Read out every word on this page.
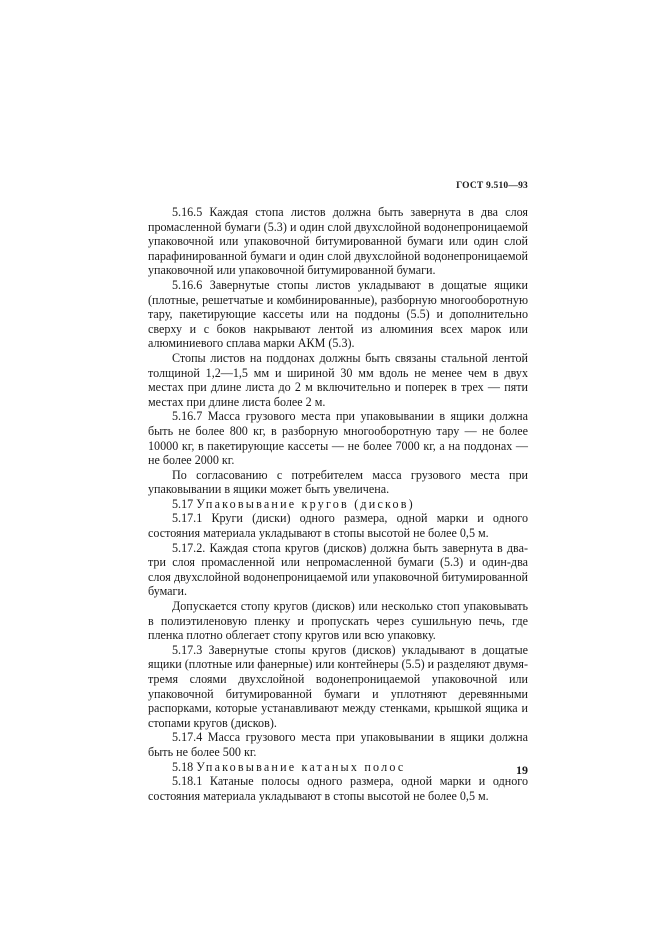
ГОСТ 9.510—93

5.16.5 Каждая стопа листов должна быть завернута в два слоя промасленной бумаги (5.3) и один слой двухслойной водонепроницаемой упаковочной или упаковочной битумированной бумаги или один слой парафинированной бумаги и один слой двухслойной водонепроницаемой упаковочной или упаковочной битумированной бумаги.

5.16.6 Завернутые стопы листов укладывают в дощатые ящики (плотные, решетчатые и комбинированные), разборную многооборотную тару, пакетирующие кассеты или на поддоны (5.5) и дополнительно сверху и с боков накрывают лентой из алюминия всех марок или алюминиевого сплава марки АКМ (5.3).

Стопы листов на поддонах должны быть связаны стальной лентой толщиной 1,2—1,5 мм и шириной 30 мм вдоль не менее чем в двух местах при длине листа до 2 м включительно и поперек в трех — пяти местах при длине листа более 2 м.

5.16.7 Масса грузового места при упаковывании в ящики должна быть не более 800 кг, в разборную многооборотную тару — не более 10000 кг, в пакетирующие кассеты — не более 7000 кг, а на поддонах — не более 2000 кг.

По согласованию с потребителем масса грузового места при упаковывании в ящики может быть увеличена.

5.17 Упаковывание кругов (дисков)

5.17.1 Круги (диски) одного размера, одной марки и одного состояния материала укладывают в стопы высотой не более 0,5 м.

5.17.2. Каждая стопа кругов (дисков) должна быть завернута в два-три слоя промасленной или непромасленной бумаги (5.3) и один-два слоя двухслойной водонепроницаемой или упаковочной битумированной бумаги.

Допускается стопу кругов (дисков) или несколько стоп упаковывать в полиэтиленовую пленку и пропускать через сушильную печь, где пленка плотно облегает стопу кругов или всю упаковку.

5.17.3 Завернутые стопы кругов (дисков) укладывают в дощатые ящики (плотные или фанерные) или контейнеры (5.5) и разделяют двумя-тремя слоями двухслойной водонепроницаемой упаковочной или упаковочной битумированной бумаги и уплотняют деревянными распорками, которые устанавливают между стенками, крышкой ящика и стопами кругов (дисков).

5.17.4 Масса грузового места при упаковывании в ящики должна быть не более 500 кг.

5.18 Упаковывание катаных полос

5.18.1 Катаные полосы одного размера, одной марки и одного состояния материала укладывают в стопы высотой не более 0,5 м.

19
